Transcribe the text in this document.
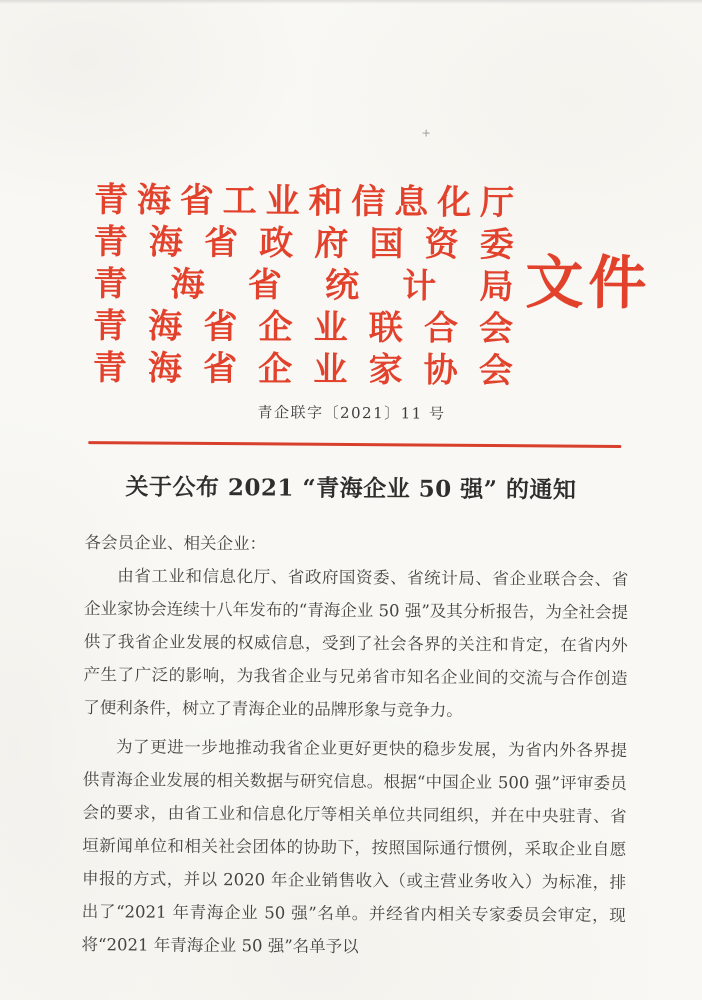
+
青海省工业和信息化厅
青海省政府国资委
青海省统计局
青海省企业联合会
青海省企业家协会
文件
青企联字〔2021〕11 号
关于公布 2021 “青海企业 50 强” 的通知

各会员企业、相关企业：

由省工业和信息化厅、省政府国资委、省统计局、省企业联合会、省企业家协会连续十八年发布的“青海企业 50 强”及其分析报告，为全社会提供了我省企业发展的权威信息，受到了社会各界的关注和肯定，在省内外产生了广泛的影响，为我省企业与兄弟省市知名企业间的交流与合作创造了便利条件，树立了青海企业的品牌形象与竞争力。

为了更进一步地推动我省企业更好更快的稳步发展，为省内外各界提供青海企业发展的相关数据与研究信息。根据“中国企业 500 强”评审委员会的要求，由省工业和信息化厅等相关单位共同组织，并在中央驻青、省垣新闻单位和相关社会团体的协助下，按照国际通行惯例，采取企业自愿申报的方式，并以 2020 年企业销售收入（或主营业务收入）为标准，排出了“2021 年青海企业 50 强”名单。并经省内相关专家委员会审定，现将“2021 年青海企业 50 强”名单予以
